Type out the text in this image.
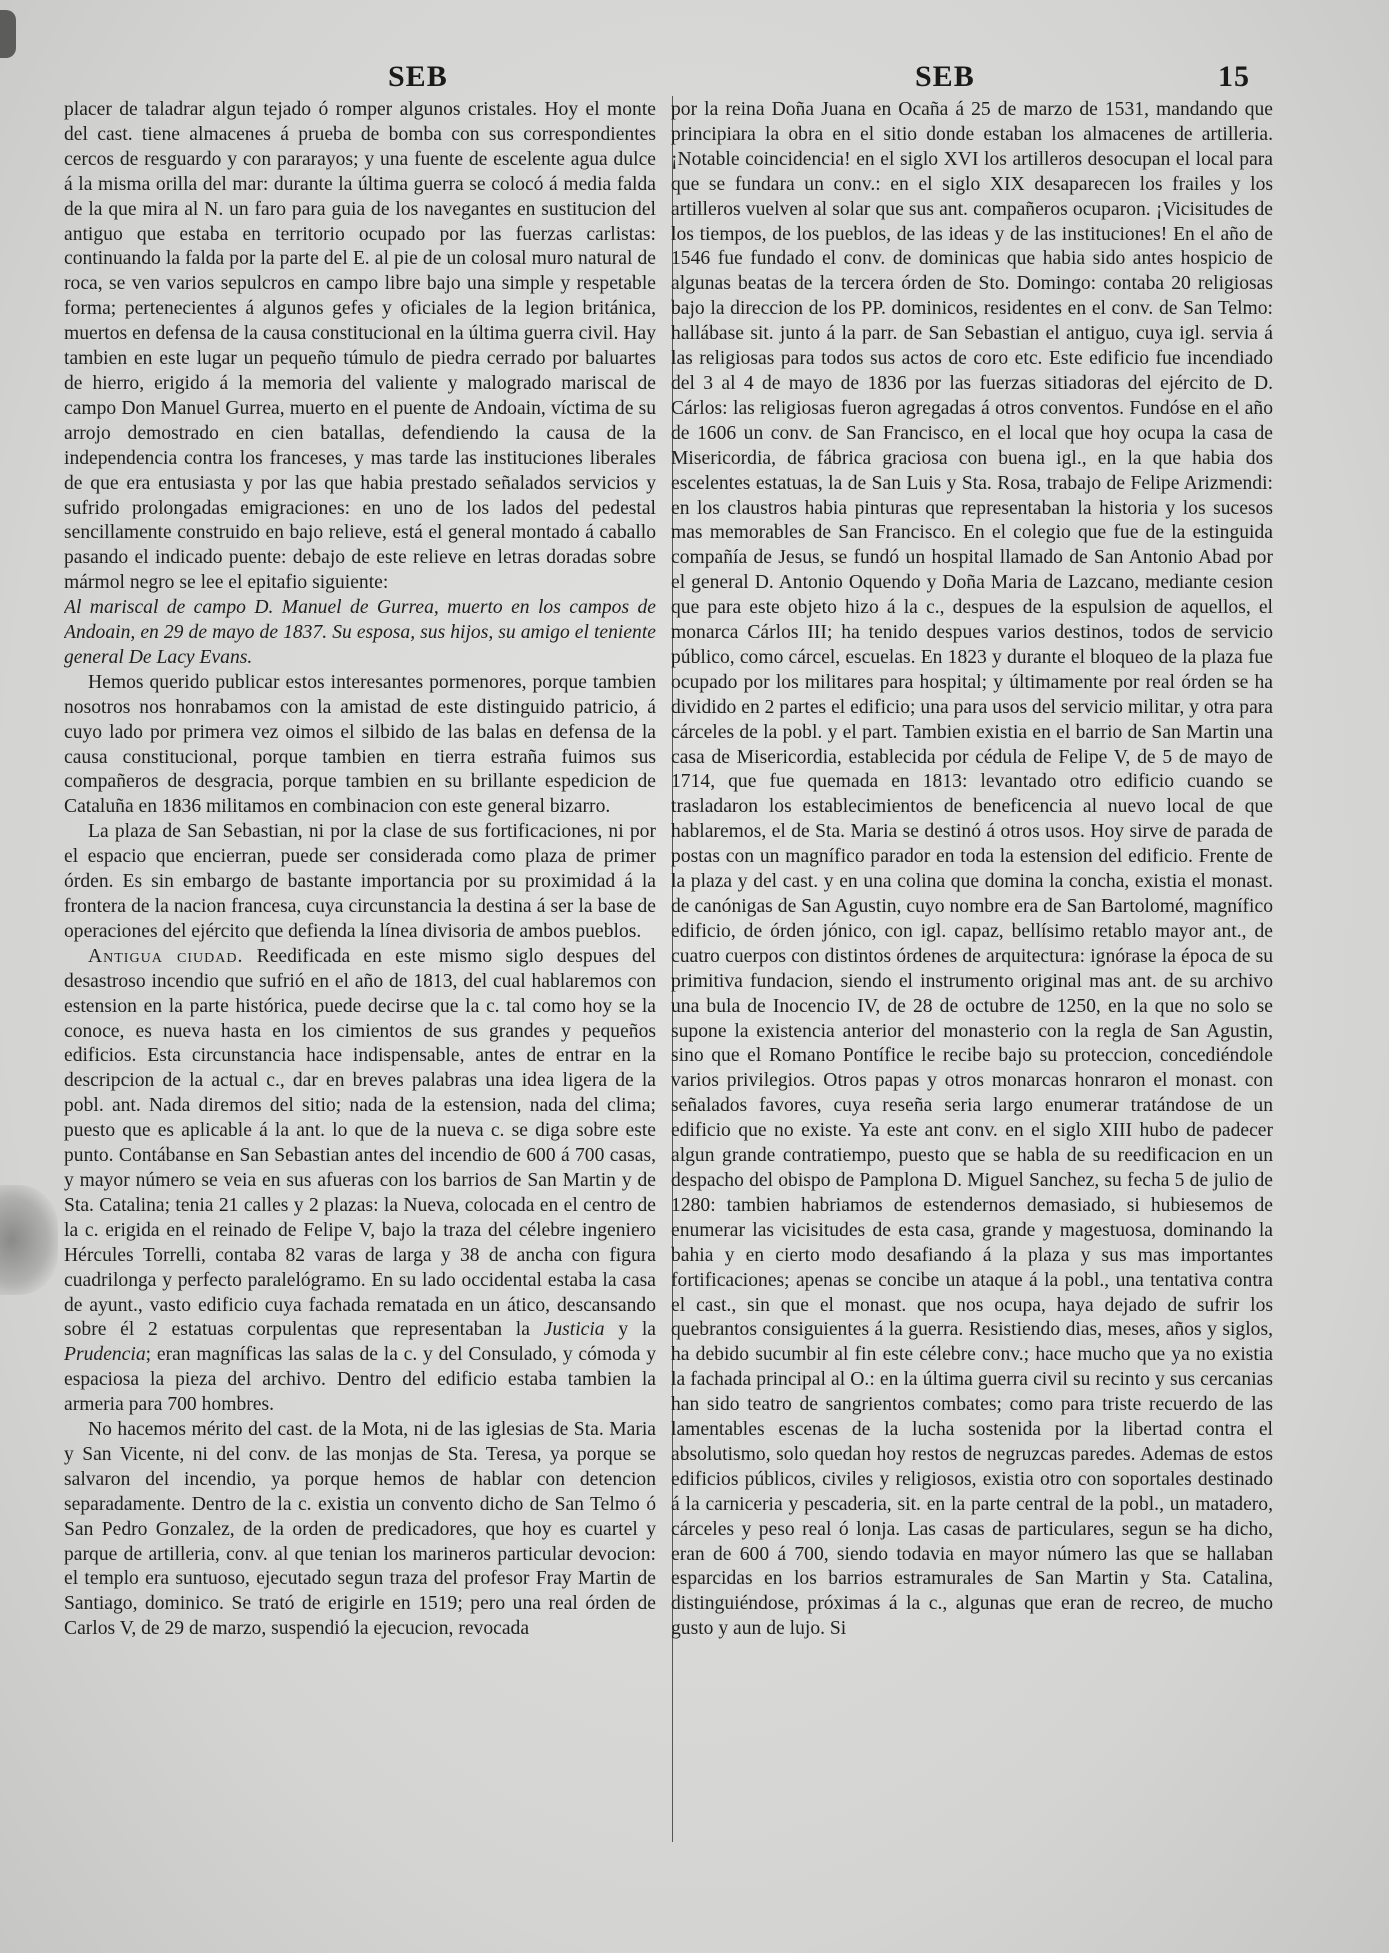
SEB	SEB	15

placer de taladrar algun tejado ó romper algunos cristales. Hoy el monte del cast. tiene almacenes á prueba de bomba con sus correspondientes cercos de resguardo y con pararayos; y una fuente de escelente agua dulce á la misma orilla del mar: durante la última guerra se colocó á media falda de la que mira al N. un faro para guia de los navegantes en sustitucion del antiguo que estaba en territorio ocupado por las fuerzas carlistas: continuando la falda por la parte del E. al pie de un colosal muro natural de roca, se ven varios sepulcros en campo libre bajo una simple y respetable forma; pertenecientes á algunos gefes y oficiales de la legion británica, muertos en defensa de la causa constitucional en la última guerra civil. Hay tambien en este lugar un pequeño túmulo de piedra cerrado por baluartes de hierro, erigido á la memoria del valiente y malogrado mariscal de campo Don Manuel Gurrea, muerto en el puente de Andoain, víctima de su arrojo demostrado en cien batallas, defendiendo la causa de la independencia contra los franceses, y mas tarde las instituciones liberales de que era entusiasta y por las que habia prestado señalados servicios y sufrido prolongadas emigraciones: en uno de los lados del pedestal sencillamente construido en bajo relieve, está el general montado á caballo pasando el indicado puente: debajo de este relieve en letras doradas sobre mármol negro se lee el epitafio siguiente:

Al mariscal de campo D. Manuel de Gurrea, muerto en los campos de Andoain, en 29 de mayo de 1837. Su esposa, sus hijos, su amigo el teniente general De Lacy Evans.

Hemos querido publicar estos interesantes pormenores, porque tambien nosotros nos honrabamos con la amistad de este distinguido patricio, á cuyo lado por primera vez oimos el silbido de las balas en defensa de la causa constitucional, porque tambien en tierra estraña fuimos sus compañeros de desgracia, porque tambien en su brillante espedicion de Cataluña en 1836 militamos en combinacion con este general bizarro.

La plaza de San Sebastian, ni por la clase de sus fortificaciones, ni por el espacio que encierran, puede ser considerada como plaza de primer órden. Es sin embargo de bastante importancia por su proximidad á la frontera de la nacion francesa, cuya circunstancia la destina á ser la base de operaciones del ejército que defienda la línea divisoria de ambos pueblos.

Antigua ciudad. Reedificada en este mismo siglo despues del desastroso incendio que sufrió en el año de 1813, del cual hablaremos con estension en la parte histórica, puede decirse que la c. tal como hoy se la conoce, es nueva hasta en los cimientos de sus grandes y pequeños edificios. Esta circunstancia hace indispensable, antes de entrar en la descripcion de la actual c., dar en breves palabras una idea ligera de la pobl. ant. Nada diremos del sitio; nada de la estension, nada del clima; puesto que es aplicable á la ant. lo que de la nueva c. se diga sobre este punto. Contábanse en San Sebastian antes del incendio de 600 á 700 casas, y mayor número se veia en sus afueras con los barrios de San Martin y de Sta. Catalina; tenia 21 calles y 2 plazas: la Nueva, colocada en el centro de la c. erigida en el reinado de Felipe V, bajo la traza del célebre ingeniero Hércules Torrelli, contaba 82 varas de larga y 38 de ancha con figura cuadrilonga y perfecto paralelógramo. En su lado occidental estaba la casa de ayunt., vasto edificio cuya fachada rematada en un ático, descansando sobre él 2 estatuas corpulentas que representaban la Justicia y la Prudencia; eran magníficas las salas de la c. y del Consulado, y cómoda y espaciosa la pieza del archivo. Dentro del edificio estaba tambien la armeria para 700 hombres.

No hacemos mérito del cast. de la Mota, ni de las iglesias de Sta. Maria y San Vicente, ni del conv. de las monjas de Sta. Teresa, ya porque se salvaron del incendio, ya porque hemos de hablar con detencion separadamente. Dentro de la c. existia un convento dicho de San Telmo ó San Pedro Gonzalez, de la orden de predicadores, que hoy es cuartel y parque de artilleria, conv. al que tenian los marineros particular devocion: el templo era suntuoso, ejecutado segun traza del profesor Fray Martin de Santiago, dominico. Se trató de erigirle en 1519; pero una real órden de Carlos V, de 29 de marzo, suspendió la ejecucion, revocada

por la reina Doña Juana en Ocaña á 25 de marzo de 1531, mandando que principiara la obra en el sitio donde estaban los almacenes de artilleria. ¡Notable coincidencia! en el siglo XVI los artilleros desocupan el local para que se fundara un conv.: en el siglo XIX desaparecen los frailes y los artilleros vuelven al solar que sus ant. compañeros ocuparon. ¡Vicisitudes de los tiempos, de los pueblos, de las ideas y de las instituciones! En el año de 1546 fue fundado el conv. de dominicas que habia sido antes hospicio de algunas beatas de la tercera órden de Sto. Domingo: contaba 20 religiosas bajo la direccion de los PP. dominicos, residentes en el conv. de San Telmo: hallábase sit. junto á la parr. de San Sebastian el antiguo, cuya igl. servia á las religiosas para todos sus actos de coro etc. Este edificio fue incendiado del 3 al 4 de mayo de 1836 por las fuerzas sitiadoras del ejército de D. Cárlos: las religiosas fueron agregadas á otros conventos. Fundóse en el año de 1606 un conv. de San Francisco, en el local que hoy ocupa la casa de Misericordia, de fábrica graciosa con buena igl., en la que habia dos escelentes estatuas, la de San Luis y Sta. Rosa, trabajo de Felipe Arizmendi: en los claustros habia pinturas que representaban la historia y los sucesos mas memorables de San Francisco. En el colegio que fue de la estinguida compañía de Jesus, se fundó un hospital llamado de San Antonio Abad por el general D. Antonio Oquendo y Doña Maria de Lazcano, mediante cesion que para este objeto hizo á la c., despues de la espulsion de aquellos, el monarca Cárlos III; ha tenido despues varios destinos, todos de servicio público, como cárcel, escuelas. En 1823 y durante el bloqueo de la plaza fue ocupado por los militares para hospital; y últimamente por real órden se ha dividido en 2 partes el edificio; una para usos del servicio militar, y otra para cárceles de la pobl. y el part. Tambien existia en el barrio de San Martin una casa de Misericordia, establecida por cédula de Felipe V, de 5 de mayo de 1714, que fue quemada en 1813: levantado otro edificio cuando se trasladaron los establecimientos de beneficencia al nuevo local de que hablaremos, el de Sta. Maria se destinó á otros usos. Hoy sirve de parada de postas con un magnífico parador en toda la estension del edificio. Frente de la plaza y del cast. y en una colina que domina la concha, existia el monast. de canónigas de San Agustin, cuyo nombre era de San Bartolomé, magnífico edificio, de órden jónico, con igl. capaz, bellísimo retablo mayor ant., de cuatro cuerpos con distintos órdenes de arquitectura: ignórase la época de su primitiva fundacion, siendo el instrumento original mas ant. de su archivo una bula de Inocencio IV, de 28 de octubre de 1250, en la que no solo se supone la existencia anterior del monasterio con la regla de San Agustin, sino que el Romano Pontífice le recibe bajo su proteccion, concediéndole varios privilegios. Otros papas y otros monarcas honraron el monast. con señalados favores, cuya reseña seria largo enumerar tratándose de un edificio que no existe. Ya este ant conv. en el siglo XIII hubo de padecer algun grande contratiempo, puesto que se habla de su reedificacion en un despacho del obispo de Pamplona D. Miguel Sanchez, su fecha 5 de julio de 1280: tambien habriamos de estendernos demasiado, si hubiesemos de enumerar las vicisitudes de esta casa, grande y magestuosa, dominando la bahia y en cierto modo desafiando á la plaza y sus mas importantes fortificaciones; apenas se concibe un ataque á la pobl., una tentativa contra el cast., sin que el monast. que nos ocupa, haya dejado de sufrir los quebrantos consiguientes á la guerra. Resistiendo dias, meses, años y siglos, ha debido sucumbir al fin este célebre conv.; hace mucho que ya no existia la fachada principal al O.: en la última guerra civil su recinto y sus cercanias han sido teatro de sangrientos combates; como para triste recuerdo de las lamentables escenas de la lucha sostenida por la libertad contra el absolutismo, solo quedan hoy restos de negruzcas paredes. Ademas de estos edificios públicos, civiles y religiosos, existia otro con soportales destinado á la carniceria y pescaderia, sit. en la parte central de la pobl., un matadero, cárceles y peso real ó lonja. Las casas de particulares, segun se ha dicho, eran de 600 á 700, siendo todavia en mayor número las que se hallaban esparcidas en los barrios estramurales de San Martin y Sta. Catalina, distinguiéndose, próximas á la c., algunas que eran de recreo, de mucho gusto y aun de lujo. Si
